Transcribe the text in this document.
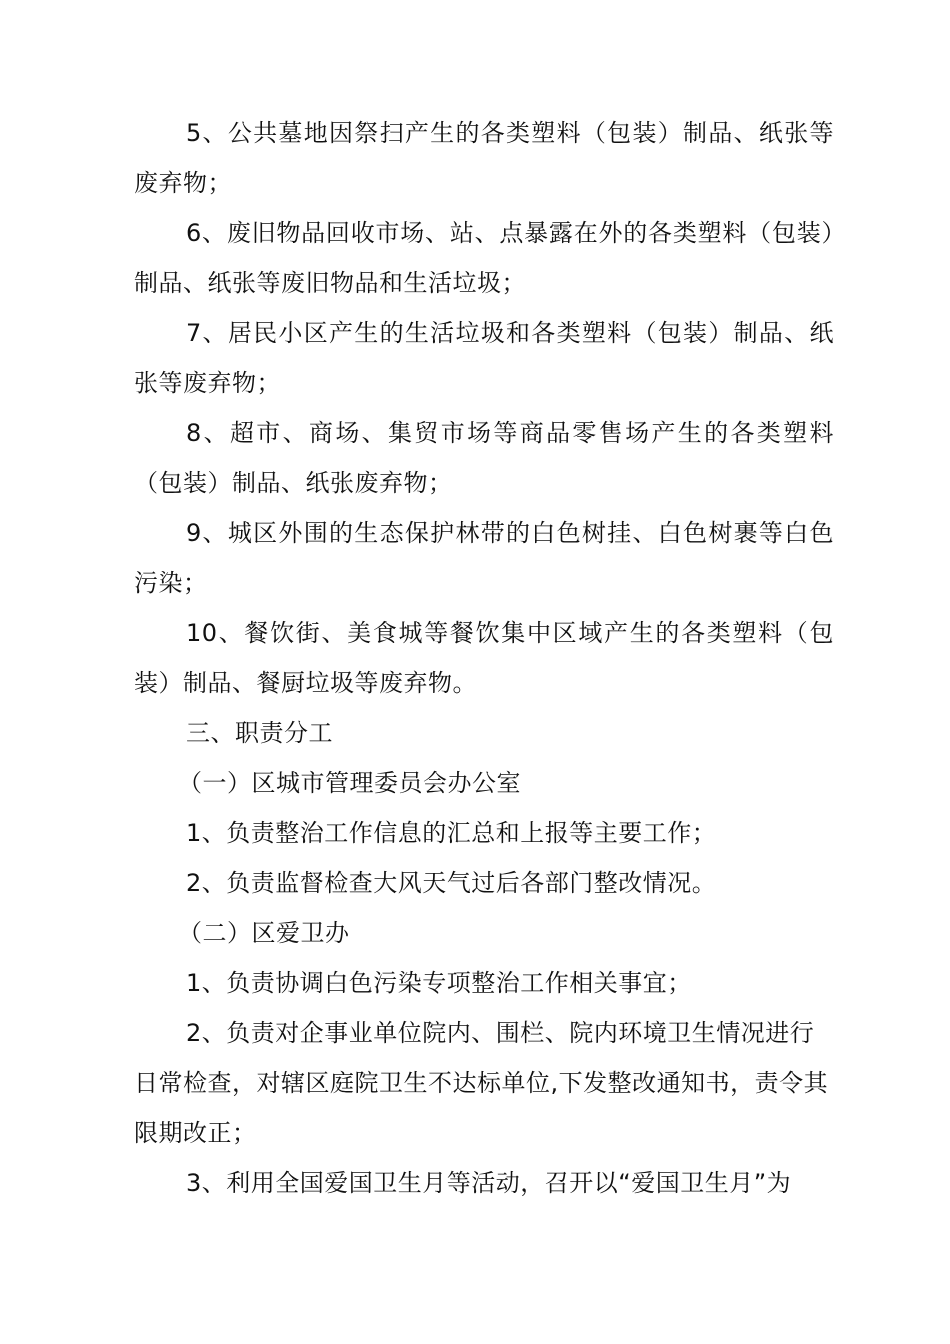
5、公共墓地因祭扫产生的各类塑料（包装）制品、纸张等废弃物；

6、废旧物品回收市场、站、点暴露在外的各类塑料（包装）制品、纸张等废旧物品和生活垃圾；

7、居民小区产生的生活垃圾和各类塑料（包装）制品、纸张等废弃物；

8、超市、商场、集贸市场等商品零售场产生的各类塑料（包装）制品、纸张废弃物；

9、城区外围的生态保护林带的白色树挂、白色树裹等白色污染；

10、餐饮街、美食城等餐饮集中区域产生的各类塑料（包装）制品、餐厨垃圾等废弃物。

三、职责分工

（一）区城市管理委员会办公室

1、负责整治工作信息的汇总和上报等主要工作；

2、负责监督检查大风天气过后各部门整改情况。

（二）区爱卫办

1、负责协调白色污染专项整治工作相关事宜；

2、负责对企事业单位院内、围栏、院内环境卫生情况进行日常检查，对辖区庭院卫生不达标单位,下发整改通知书，责令其限期改正；

3、利用全国爱国卫生月等活动，召开以“爱国卫生月”为
